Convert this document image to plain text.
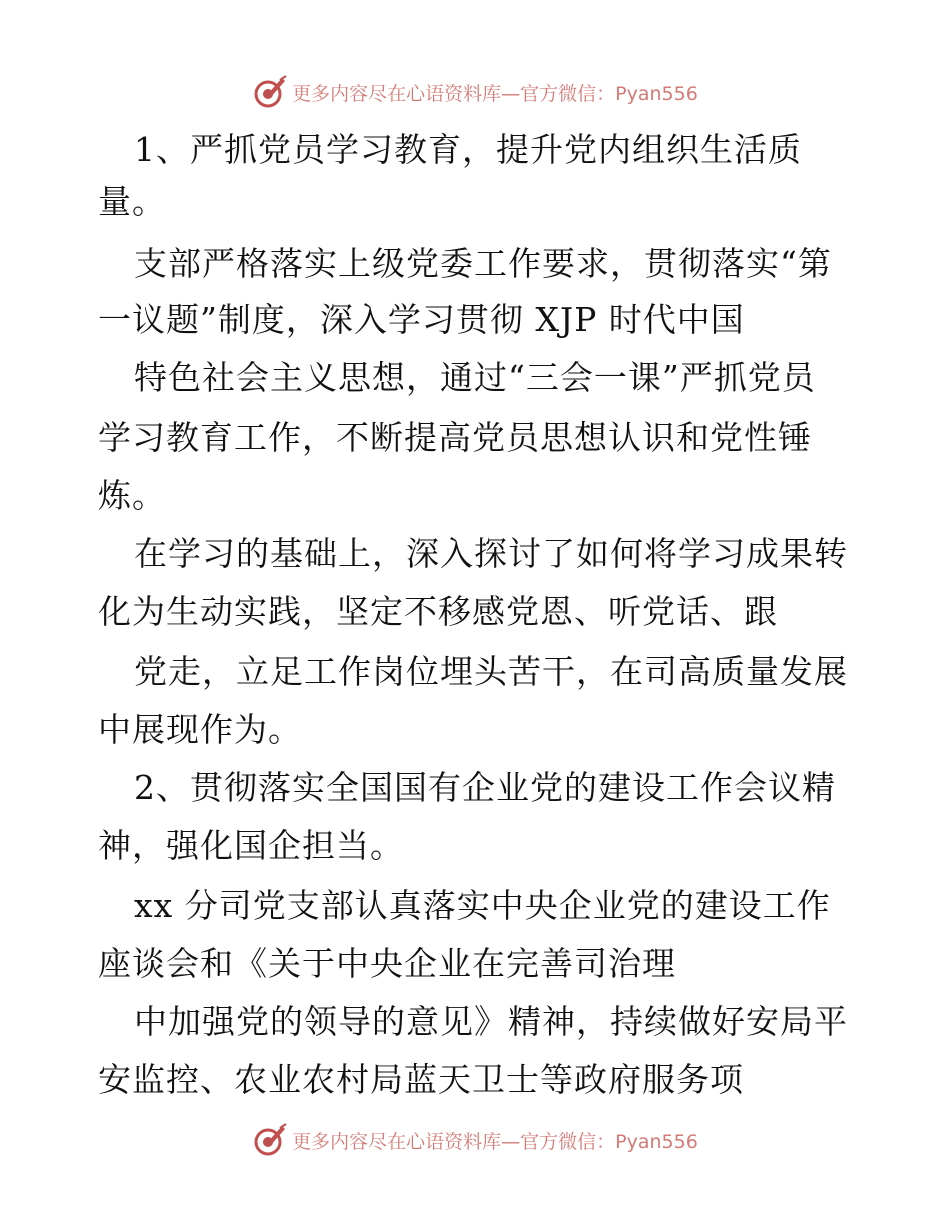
更多内容尽在心语资料库—官方微信：Pyan556
1、严抓党员学习教育，提升党内组织生活质
量。
支部严格落实上级党委工作要求，贯彻落实“第
一议题”制度，深入学习贯彻 XJP 时代中国
特色社会主义思想，通过“三会一课”严抓党员
学习教育工作，不断提高党员思想认识和党性锤
炼。
在学习的基础上，深入探讨了如何将学习成果转
化为生动实践，坚定不移感党恩、听党话、跟
党走，立足工作岗位埋头苦干，在司高质量发展
中展现作为。
2、贯彻落实全国国有企业党的建设工作会议精
神，强化国企担当。
xx 分司党支部认真落实中央企业党的建设工作
座谈会和《关于中央企业在完善司治理
中加强党的领导的意见》精神，持续做好安局平
安监控、农业农村局蓝天卫士等政府服务项
更多内容尽在心语资料库—官方微信：Pyan556
